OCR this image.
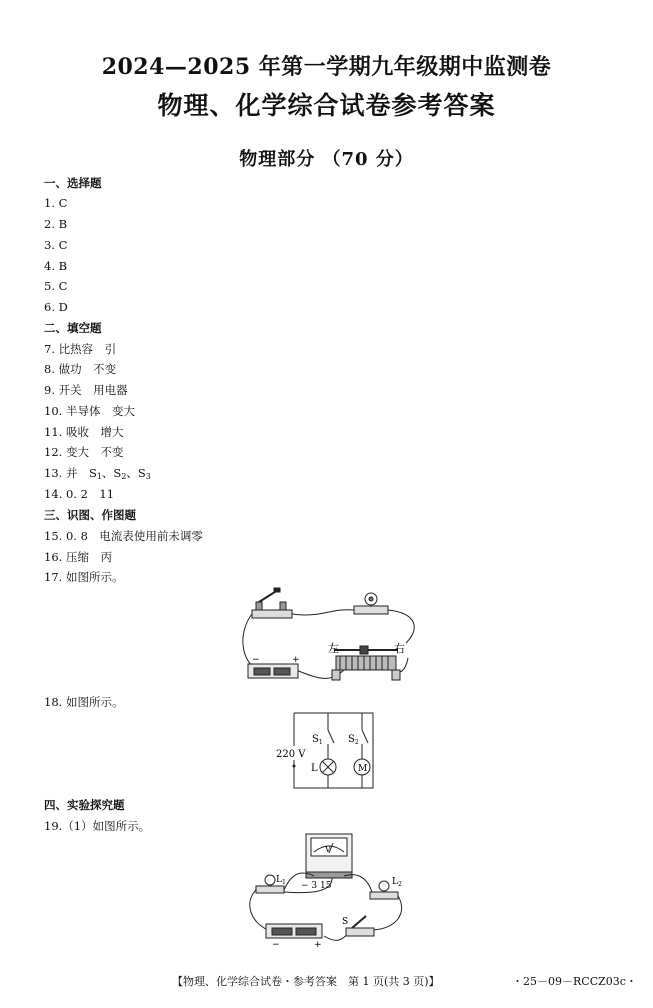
2024—2025 年第一学期九年级期中监测卷
物理、化学综合试卷参考答案
物理部分 （70 分）
一、选择题
1. C
2. B
3. C
4. B
5. C
6. D
二、填空题
7. 比热容　引
8. 做功　不变
9. 开关　用电器
10. 半导体　变大
11. 吸收　增大
12. 变大　不变
13. 并　$S_1$、$S_2$、$S_3$
14. 0. 2　11
三、识图、作图题
15. 0. 8　电流表使用前未调零
16. 压缩　丙
17. 如图所示。
−	+
左	右
18. 如图所示。
220 V
$S_1$	$S_2$
L	M
四、实验探究题
19.（1）如图所示。
V
− 3 15
$L_1$	$L_2$
S
−	+
【物理、化学综合试卷・参考答案　第 1 页(共 3 页)】	・25－09－RCCZ03c・
